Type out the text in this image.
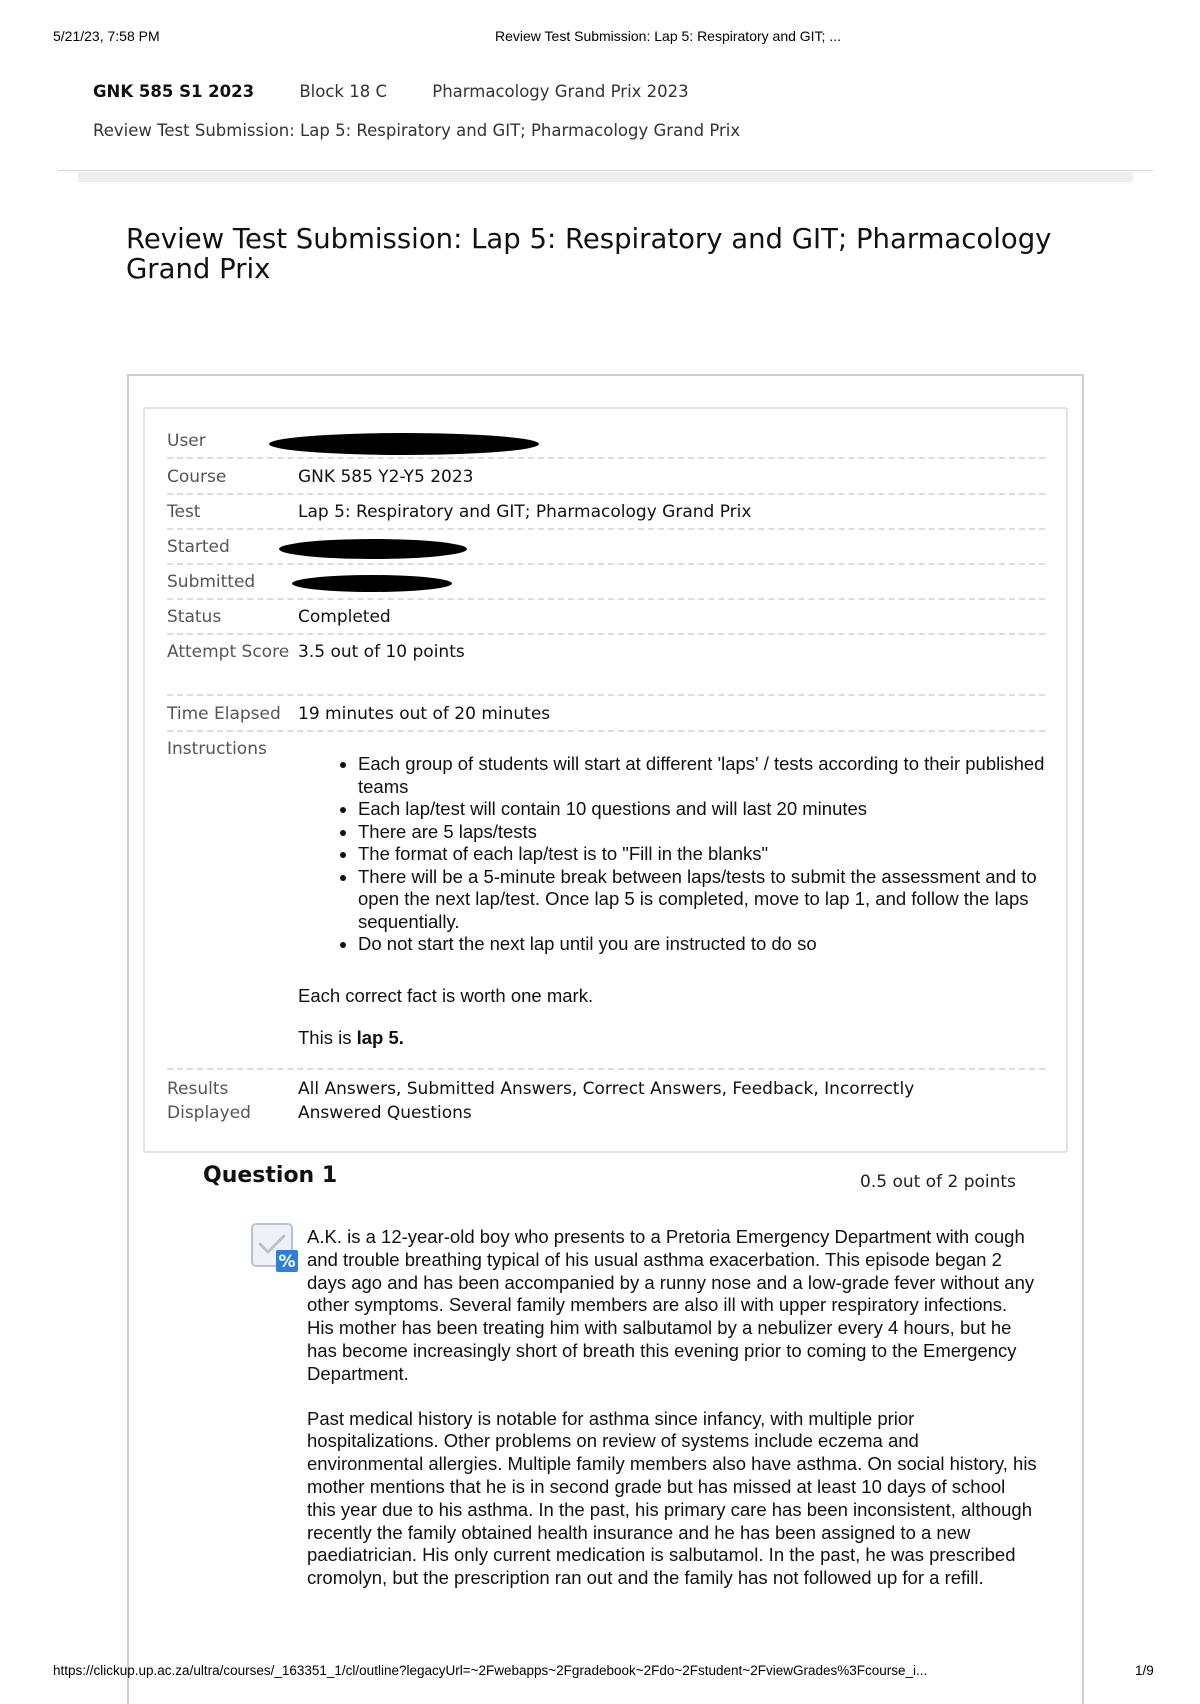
5/21/23, 7:58 PM	Review Test Submission: Lap 5: Respiratory and GIT; ...
GNK 585 S1 2023	Block 18 C	Pharmacology Grand Prix 2023
Review Test Submission: Lap 5: Respiratory and GIT; Pharmacology Grand Prix
Review Test Submission: Lap 5: Respiratory and GIT; Pharmacology Grand Prix
User
Course	GNK 585 Y2-Y5 2023
Test	Lap 5: Respiratory and GIT; Pharmacology Grand Prix
Started
Submitted
Status	Completed
Attempt Score 3.5 out of 10 points
Time Elapsed	19 minutes out of 20 minutes
Instructions
• Each group of students will start at different 'laps' / tests according to their published teams
• Each lap/test will contain 10 questions and will last 20 minutes
• There are 5 laps/tests
• The format of each lap/test is to "Fill in the blanks"
• There will be a 5-minute break between laps/tests to submit the assessment and to open the next lap/test. Once lap 5 is completed, move to lap 1, and follow the laps sequentially.
• Do not start the next lap until you are instructed to do so

Each correct fact is worth one mark.

This is lap 5.

Results Displayed
All Answers, Submitted Answers, Correct Answers, Feedback, Incorrectly Answered Questions
Question 1	0.5 out of 2 points
%

A.K. is a 12-year-old boy who presents to a Pretoria Emergency Department with cough and trouble breathing typical of his usual asthma exacerbation. This episode began 2 days ago and has been accompanied by a runny nose and a low-grade fever without any other symptoms. Several family members are also ill with upper respiratory infections. His mother has been treating him with salbutamol by a nebulizer every 4 hours, but he has become increasingly short of breath this evening prior to coming to the Emergency Department.

Past medical history is notable for asthma since infancy, with multiple prior hospitalizations. Other problems on review of systems include eczema and environmental allergies. Multiple family members also have asthma. On social history, his mother mentions that he is in second grade but has missed at least 10 days of school this year due to his asthma. In the past, his primary care has been inconsistent, although recently the family obtained health insurance and he has been assigned to a new paediatrician. His only current medication is salbutamol. In the past, he was prescribed cromolyn, but the prescription ran out and the family has not followed up for a refill.

https://clickup.up.ac.za/ultra/courses/_163351_1/cl/outline?legacyUrl=~2Fwebapps~2Fgradebook~2Fdo~2Fstudent~2FviewGrades%3Fcourse_i...	1/9
